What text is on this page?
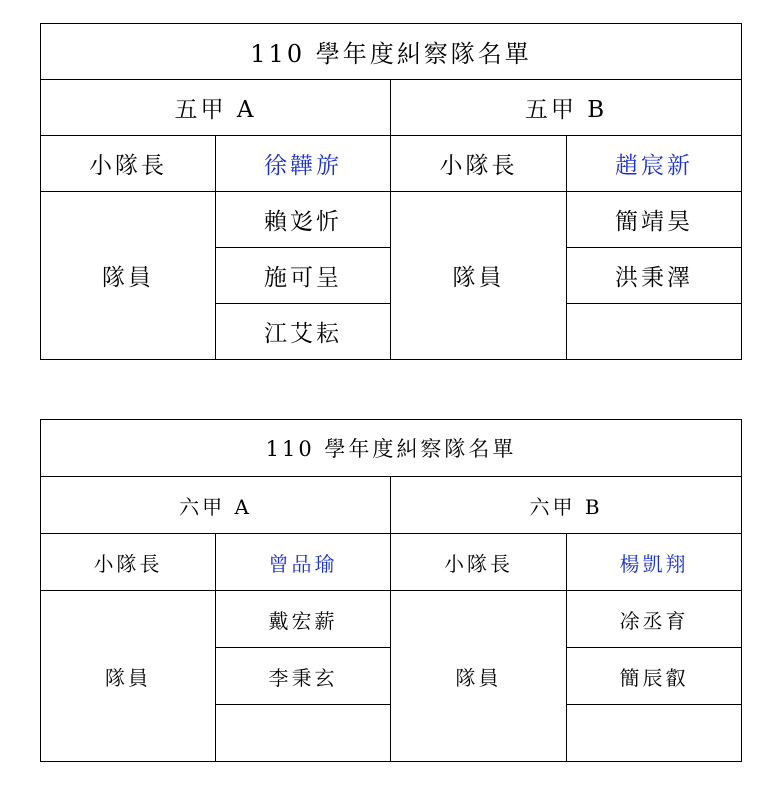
110 學年度糾察隊名單			
五甲 A		五甲 B	
小隊長	徐韡旂	小隊長	趙宸新
隊員	賴彣忻	隊員	簡靖昊
	施可呈		洪秉澤
	江艾耘		
110 學年度糾察隊名單			
六甲 A		六甲 B	
小隊長	曾品瑜	小隊長	楊凱翔
隊員	戴宏薪	隊員	凃丞育
	李秉玄		簡辰叡
